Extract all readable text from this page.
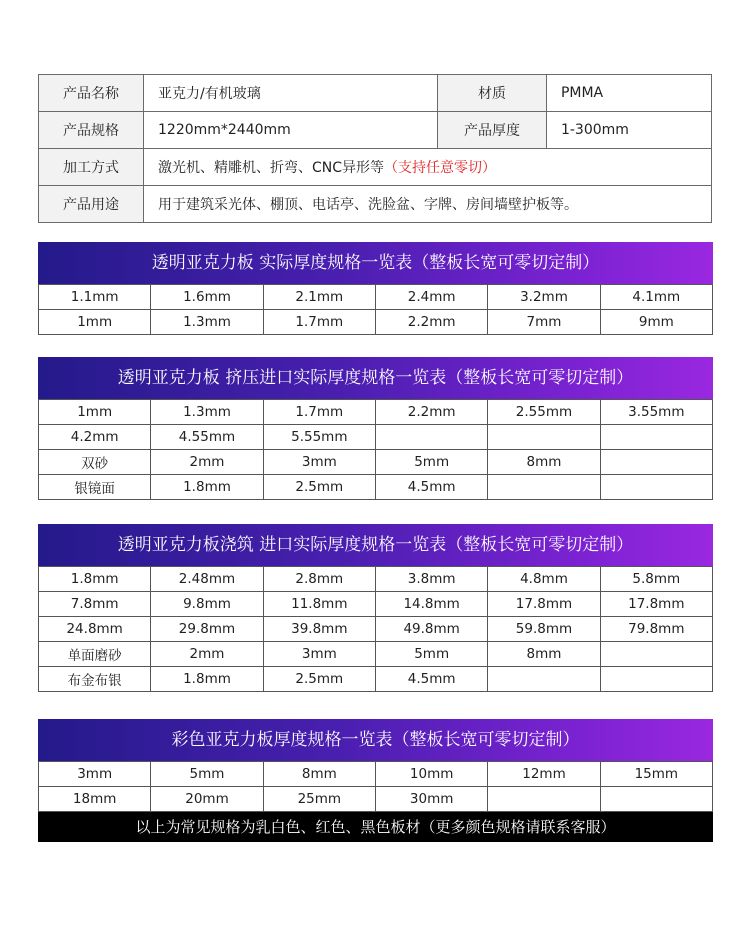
产品名称	亚克力/有机玻璃	材质	PMMA
产品规格	1220mm*2440mm	产品厚度	1-300mm
加工方式	激光机、精雕机、折弯、CNC异形等（支持任意零切）		
产品用途	用于建筑采光体、棚顶、电话亭、洗脸盆、字牌、房间墙壁护板等。		
透明亚克力板 实际厚度规格一览表（整板长宽可零切定制）
1.1mm	1.6mm	2.1mm	2.4mm	3.2mm	4.1mm
1mm	1.3mm	1.7mm	2.2mm	7mm	9mm
透明亚克力板 挤压进口实际厚度规格一览表（整板长宽可零切定制）
1mm	1.3mm	1.7mm	2.2mm	2.55mm	3.55mm
4.2mm	4.55mm	5.55mm			
双砂	2mm	3mm	5mm	8mm	
银镜面	1.8mm	2.5mm	4.5mm		
透明亚克力板浇筑 进口实际厚度规格一览表（整板长宽可零切定制）
1.8mm	2.48mm	2.8mm	3.8mm	4.8mm	5.8mm
7.8mm	9.8mm	11.8mm	14.8mm	17.8mm	17.8mm
24.8mm	29.8mm	39.8mm	49.8mm	59.8mm	79.8mm
单面磨砂	2mm	3mm	5mm	8mm	
布金布银	1.8mm	2.5mm	4.5mm		
彩色亚克力板厚度规格一览表（整板长宽可零切定制）
3mm	5mm	8mm	10mm	12mm	15mm
18mm	20mm	25mm	30mm		
以上为常见规格为乳白色、红色、黑色板材（更多颜色规格请联系客服）
